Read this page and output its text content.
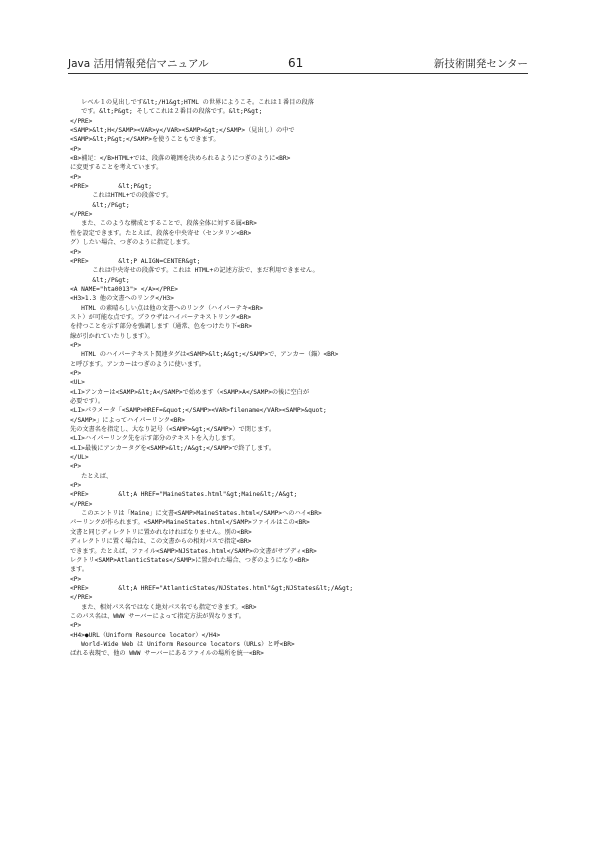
Java 活用情報発信マニュアル	61	新技術開発センター
レベル１の見出しです&lt;/H1&gt;HTML の世界にようこそ。これは１番目の段落
です。&lt;P&gt; そしてこれは２番目の段落です。&lt;P&gt;
</PRE>
<SAMP>&lt;H</SAMP><VAR>y</VAR><SAMP>&gt;</SAMP>（見出し）の中で
<SAMP>&lt;P&gt;</SAMP>を使うこともできます。
<P>
<B>補足：</B>HTML+では、段落の範囲を決められるようにつぎのように<BR>
に変更することを考えています。
<P>
<PRE>        &lt;P&gt;
これはHTML+での段落です。
&lt;/P&gt;
</PRE>
また、このような構成とすることで、段落全体に対する属<BR>
性を設定できます。たとえば、段落を中央寄せ（センタリン<BR>
グ）したい場合、つぎのように指定します。
<P>
<PRE>        &lt;P ALIGN=CENTER&gt;
これは中央寄せの段落です。これは HTML+の記述方法で、まだ利用できません。
&lt;/P&gt;
<A NAME="hta0013"> </A></PRE>
<H3>1.3 他の文書へのリンク</H3>
HTML の素晴らしい点は他の文書へのリンク（ハイパーテキ<BR>
スト）が可能な点です。ブラウザはハイパーテキストリンク<BR>
を持つことを示す部分を強調します（通常、色をつけたり下<BR>
線が引かれていたりします）。
<P>
HTML のハイパーテキスト関連タグは<SAMP>&lt;A&gt;</SAMP>で、アンカー（錨）<BR>
と呼びます。アンカーはつぎのように使います。
<P>
<UL>
<LI>アンカーは<SAMP>&lt;A</SAMP>で始めます（<SAMP>A</SAMP>の後に空白が
必要です）。
<LI>パラメータ「<SAMP>HREF=&quot;</SAMP><VAR>filename</VAR><SAMP>&quot;
</SAMP>」によってハイパーリンク<BR>
先の文書名を指定し、大なり記号（<SAMP>&gt;</SAMP>）で閉じます。
<LI>ハイパーリンク先を示す部分のテキストを入力します。
<LI>最後にアンカータグを<SAMP>&lt;/A&gt;</SAMP>で終了します。
</UL>
<P>
たとえば、
<P>
<PRE>        &lt;A HREF="MaineStates.html"&gt;Maine&lt;/A&gt;
</PRE>
このエントリは「Maine」に文書<SAMP>MaineStates.html</SAMP>へのハイ<BR>
パーリンクが作られます。<SAMP>MaineStates.html</SAMP>ファイルはこの<BR>
文書と同じディレクトリに置かれなければなりません。別の<BR>
ディレクトリに置く場合は、この文書からの相対パスで指定<BR>
できます。たとえば、ファイル<SAMP>NJStates.html</SAMP>の文書がサブディ<BR>
レクトリ<SAMP>AtlanticStates</SAMP>に置かれた場合、つぎのようになり<BR>
ます。
<P>
<PRE>        &lt;A HREF="AtlanticStates/NJStates.html"&gt;NJStates&lt;/A&gt;
</PRE>
また、相対パス名ではなく絶対パス名でも指定できます。<BR>
このパス名は、WWW サーバーによって指定方法が異なります。
<P>
<H4>●URL（Uniform Resource locator）</H4>
World-Wide Web は Uniform Resource locators（URLs）と呼<BR>
ばれる表現で、他の WWW サーバーにあるファイルの場所を統一<BR>
